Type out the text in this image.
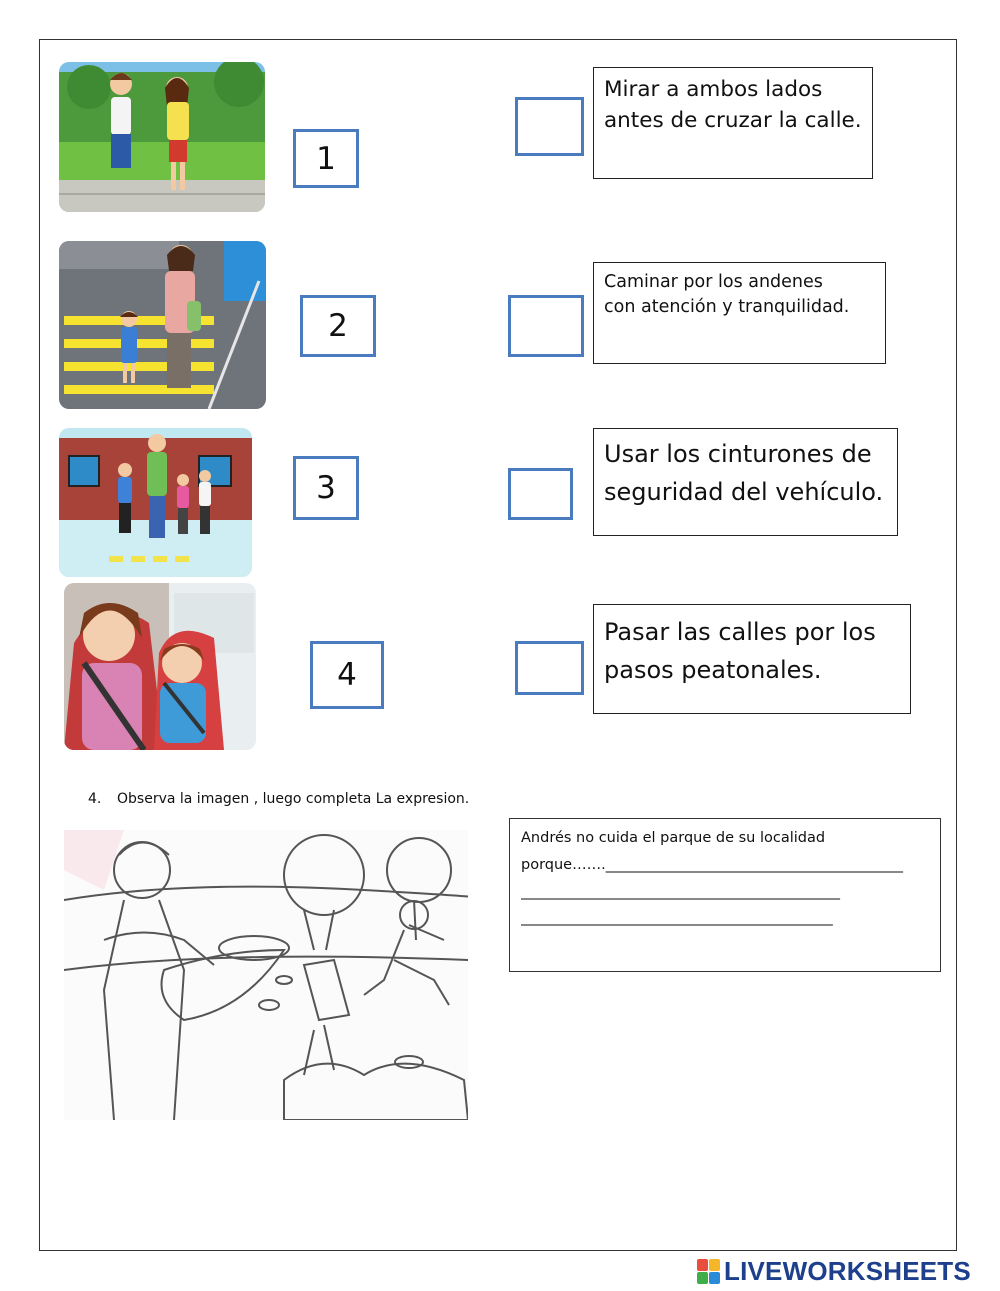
1
2
3
4
Mirar a ambos lados
antes de cruzar la calle.
Caminar por los andenes
con atención y tranquilidad.
Usar los cinturones de
seguridad del vehículo.
Pasar las calles por los
pasos peatonales.
4. Observa la imagen , luego completa La expresion.
Andrés no cuida el parque de su localidad
porque……._________________________________________
____________________________________________
___________________________________________
LIVEWORKSHEETS
